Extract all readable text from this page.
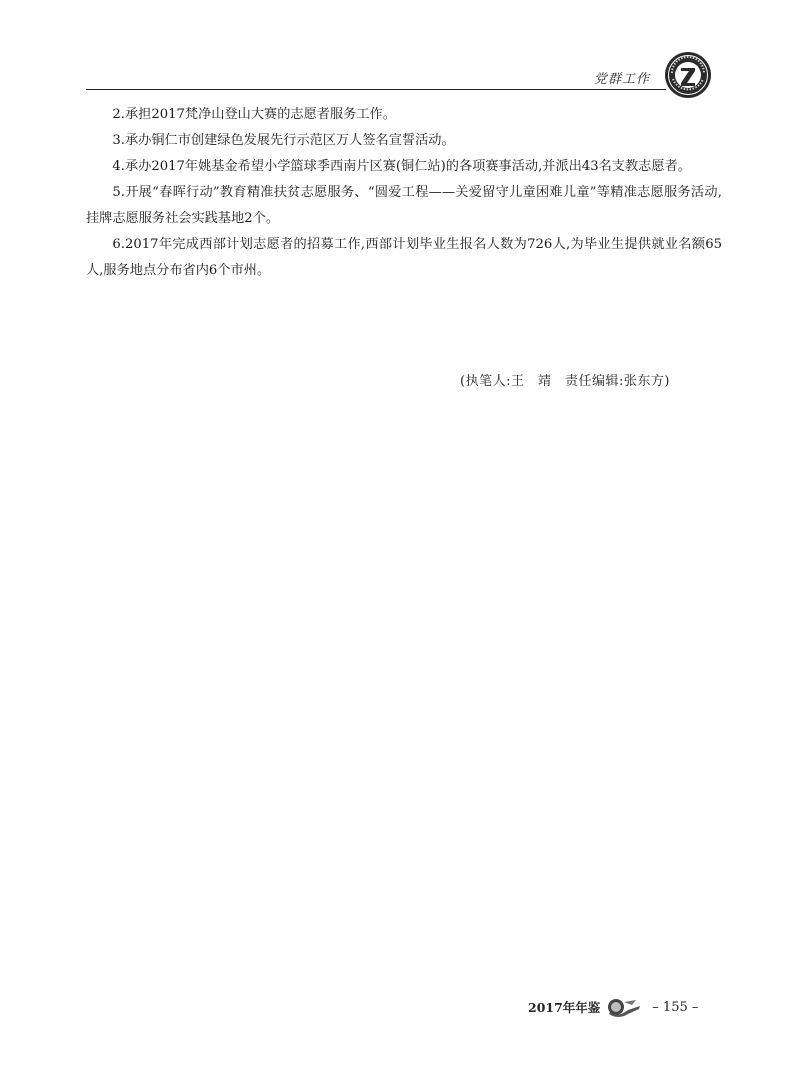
党群工作

2.承担2017梵净山登山大赛的志愿者服务工作。

3.承办铜仁市创建绿色发展先行示范区万人签名宣誓活动。

4.承办2017年姚基金希望小学篮球季西南片区赛(铜仁站)的各项赛事活动,并派出43名支教志愿者。

5.开展“春晖行动”教育精准扶贫志愿服务、“圆爱工程——关爱留守儿童困难儿童”等精准志愿服务活动,挂牌志愿服务社会实践基地2个。

6.2017年完成西部计划志愿者的招募工作,西部计划毕业生报名人数为726人,为毕业生提供就业名额65人,服务地点分布省内6个市州。

(执笔人:王　靖　责任编辑:张东方)
2017年年鉴	– 155 –
